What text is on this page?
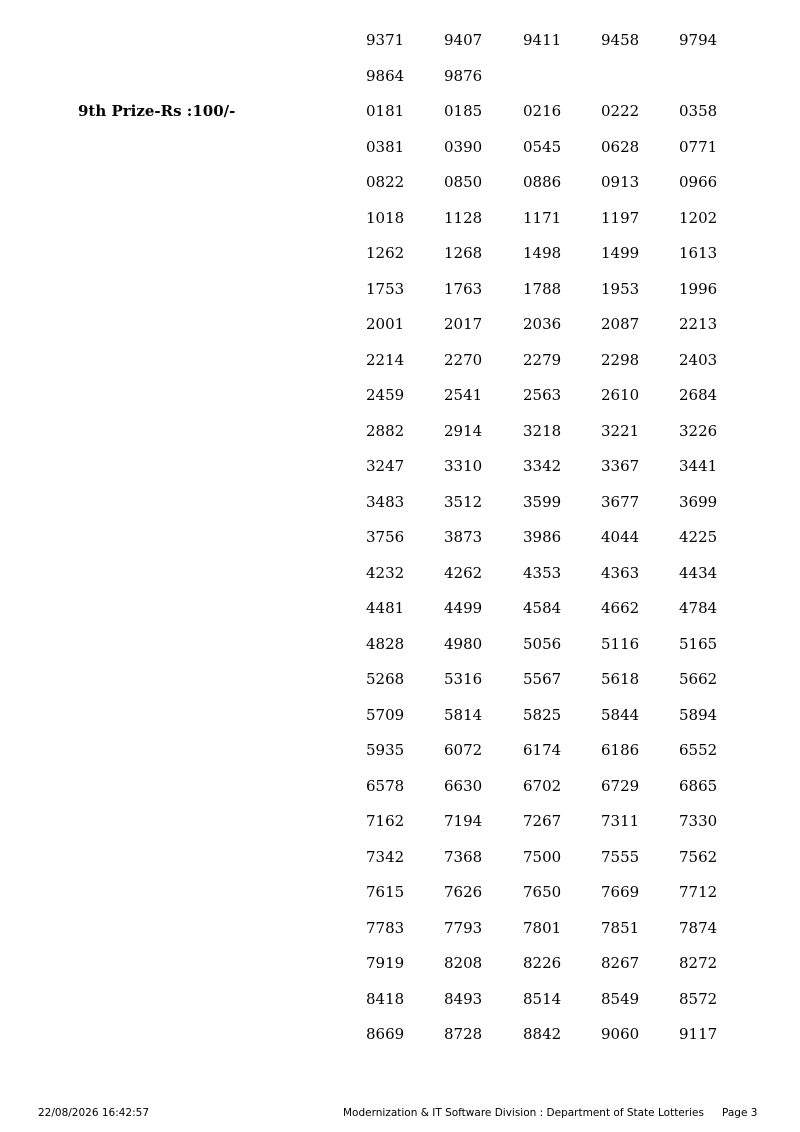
9th Prize-Rs :100/-
9371	9407	9411	9458	9794
9864	9876
0181	0185	0216	0222	0358
0381	0390	0545	0628	0771
0822	0850	0886	0913	0966
1018	1128	1171	1197	1202
1262	1268	1498	1499	1613
1753	1763	1788	1953	1996
2001	2017	2036	2087	2213
2214	2270	2279	2298	2403
2459	2541	2563	2610	2684
2882	2914	3218	3221	3226
3247	3310	3342	3367	3441
3483	3512	3599	3677	3699
3756	3873	3986	4044	4225
4232	4262	4353	4363	4434
4481	4499	4584	4662	4784
4828	4980	5056	5116	5165
5268	5316	5567	5618	5662
5709	5814	5825	5844	5894
5935	6072	6174	6186	6552
6578	6630	6702	6729	6865
7162	7194	7267	7311	7330
7342	7368	7500	7555	7562
7615	7626	7650	7669	7712
7783	7793	7801	7851	7874
7919	8208	8226	8267	8272
8418	8493	8514	8549	8572
8669	8728	8842	9060	9117
22/08/2026 16:42:57	Modernization & IT Software Division : Department of State Lotteries Page 3
